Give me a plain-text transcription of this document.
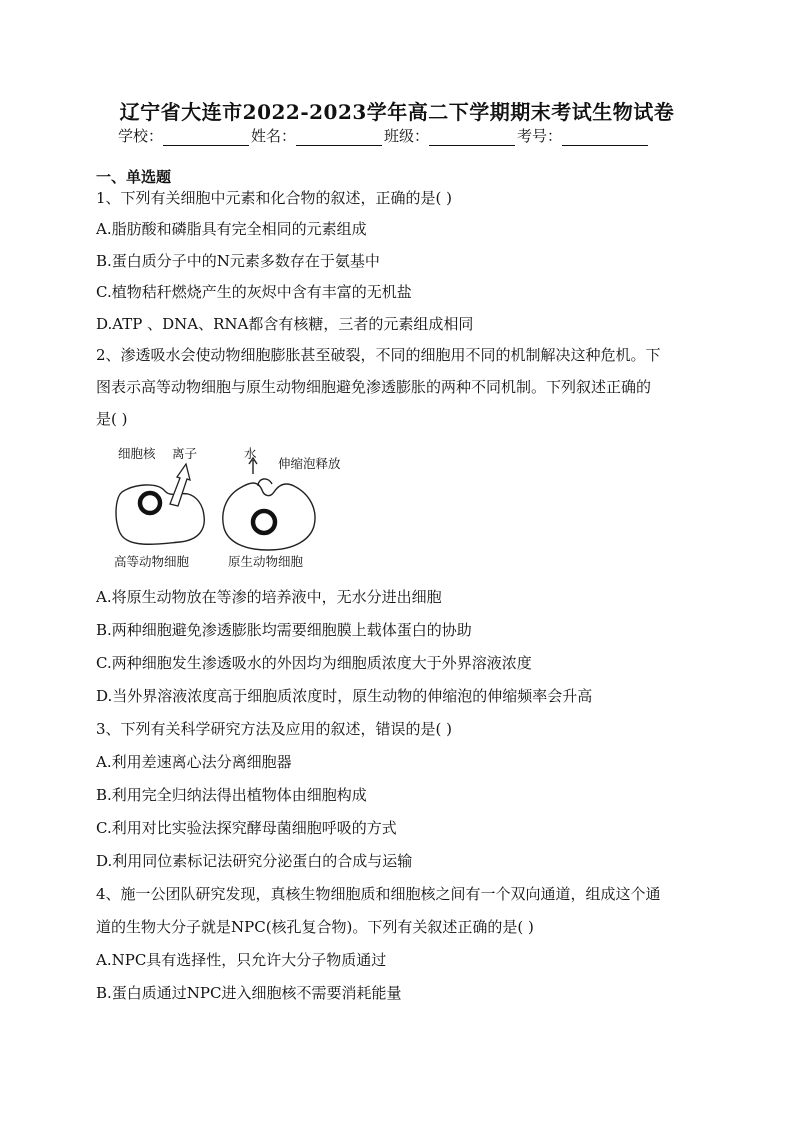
辽宁省大连市2022-2023学年高二下学期期末考试生物试卷
学校：	姓名：	班级：	考号：
一、单选题
1、下列有关细胞中元素和化合物的叙述，正确的是( )
A.脂肪酸和磷脂具有完全相同的元素组成
B.蛋白质分子中的N元素多数存在于氨基中
C.植物秸秆燃烧产生的灰烬中含有丰富的无机盐
D.ATP 、DNA、RNA都含有核糖，三者的元素组成相同
2、渗透吸水会使动物细胞膨胀甚至破裂，不同的细胞用不同的机制解决这种危机。下
图表示高等动物细胞与原生动物细胞避免渗透膨胀的两种不同机制。下列叙述正确的
是( )
细胞核 离子	水
伸缩泡释放
高等动物细胞	原生动物细胞
A.将原生动物放在等渗的培养液中，无水分进出细胞
B.两种细胞避免渗透膨胀均需要细胞膜上载体蛋白的协助
C.两种细胞发生渗透吸水的外因均为细胞质浓度大于外界溶液浓度
D.当外界溶液浓度高于细胞质浓度时，原生动物的伸缩泡的伸缩频率会升高
3、下列有关科学研究方法及应用的叙述，错误的是( )
A.利用差速离心法分离细胞器
B.利用完全归纳法得出植物体由细胞构成
C.利用对比实验法探究酵母菌细胞呼吸的方式
D.利用同位素标记法研究分泌蛋白的合成与运输
4、施一公团队研究发现，真核生物细胞质和细胞核之间有一个双向通道，组成这个通
道的生物大分子就是NPC(核孔复合物)。下列有关叙述正确的是( )
A.NPC具有选择性，只允许大分子物质通过
B.蛋白质通过NPC进入细胞核不需要消耗能量
